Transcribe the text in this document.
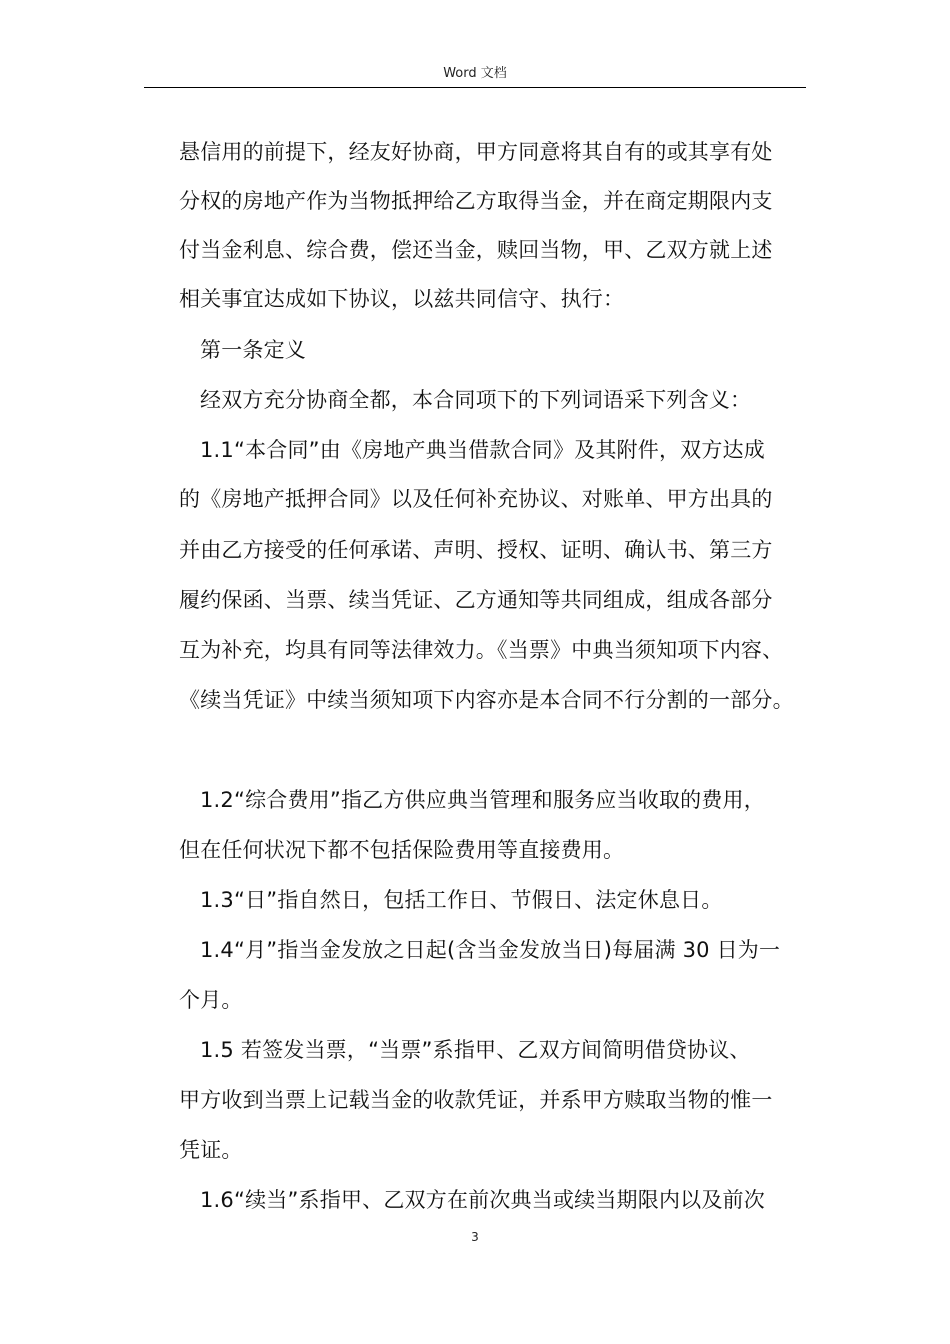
Word 文档
悬信用的前提下，经友好协商，甲方同意将其自有的或其享有处
分权的房地产作为当物抵押给乙方取得当金，并在商定期限内支
付当金利息、综合费，偿还当金，赎回当物，甲、乙双方就上述
相关事宜达成如下协议，以兹共同信守、执行：
第一条定义
经双方充分协商全都，本合同项下的下列词语采下列含义：
1.1“本合同”由《房地产典当借款合同》及其附件，双方达成
的《房地产抵押合同》以及任何补充协议、对账单、甲方出具的
并由乙方接受的任何承诺、声明、授权、证明、确认书、第三方
履约保函、当票、续当凭证、乙方通知等共同组成，组成各部分
互为补充，均具有同等法律效力。《当票》中典当须知项下内容、
《续当凭证》中续当须知项下内容亦是本合同不行分割的一部分。
1.2“综合费用”指乙方供应典当管理和服务应当收取的费用，
但在任何状况下都不包括保险费用等直接费用。
1.3“日”指自然日，包括工作日、节假日、法定休息日。
1.4“月”指当金发放之日起(含当金发放当日)每届满 30 日为一
个月。
1.5 若签发当票，“当票”系指甲、乙双方间简明借贷协议、
甲方收到当票上记载当金的收款凭证，并系甲方赎取当物的惟一
凭证。
1.6“续当”系指甲、乙双方在前次典当或续当期限内以及前次
3
